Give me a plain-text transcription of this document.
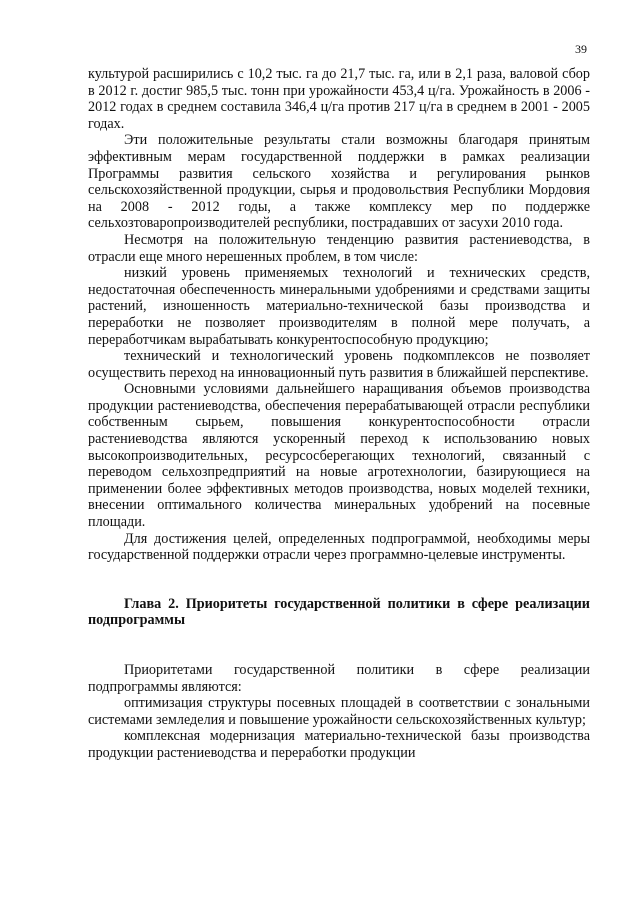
39

культурой расширились с 10,2 тыс. га до 21,7 тыс. га, или в 2,1 раза, валовой сбор в 2012 г. достиг 985,5 тыс. тонн при урожайности 453,4 ц/га. Урожайность в 2006 - 2012 годах в среднем составила 346,4 ц/га против 217 ц/га в среднем в 2001 - 2005 годах.

Эти положительные результаты стали возможны благодаря принятым эффективным мерам государственной поддержки в рамках реализации Программы развития сельского хозяйства и регулирования рынков сельскохозяйственной продукции, сырья и продовольствия Республики Мордовия на 2008 - 2012 годы, а также комплексу мер по поддержке сельхозтоваропроизводителей республики, пострадавших от засухи 2010 года.

Несмотря на положительную тенденцию развития растениеводства, в отрасли еще много нерешенных проблем, в том числе:

низкий уровень применяемых технологий и технических средств, недостаточная обеспеченность минеральными удобрениями и средствами защиты растений, изношенность материально-технической базы производства и переработки не позволяет производителям в полной мере получать, а переработчикам вырабатывать конкурентоспособную продукцию;

технический и технологический уровень подкомплексов не позволяет осуществить переход на инновационный путь развития в ближайшей перспективе.

Основными условиями дальнейшего наращивания объемов производства продукции растениеводства, обеспечения перерабатывающей отрасли республики собственным сырьем, повышения конкурентоспособности отрасли растениеводства являются ускоренный переход к использованию новых высокопроизводительных, ресурсосберегающих технологий, связанный с переводом сельхозпредприятий на новые агротехнологии, базирующиеся на применении более эффективных методов производства, новых моделей техники, внесении оптимального количества минеральных удобрений на посевные площади.

Для достижения целей, определенных подпрограммой, необходимы меры государственной поддержки отрасли через программно-целевые инструменты.

Глава 2. Приоритеты государственной политики в сфере реализации подпрограммы

Приоритетами государственной политики в сфере реализации подпрограммы являются:

оптимизация структуры посевных площадей в соответствии с зональными системами земледелия и повышение урожайности сельскохозяйственных культур;

комплексная модернизация материально-технической базы производства продукции растениеводства и переработки продукции
